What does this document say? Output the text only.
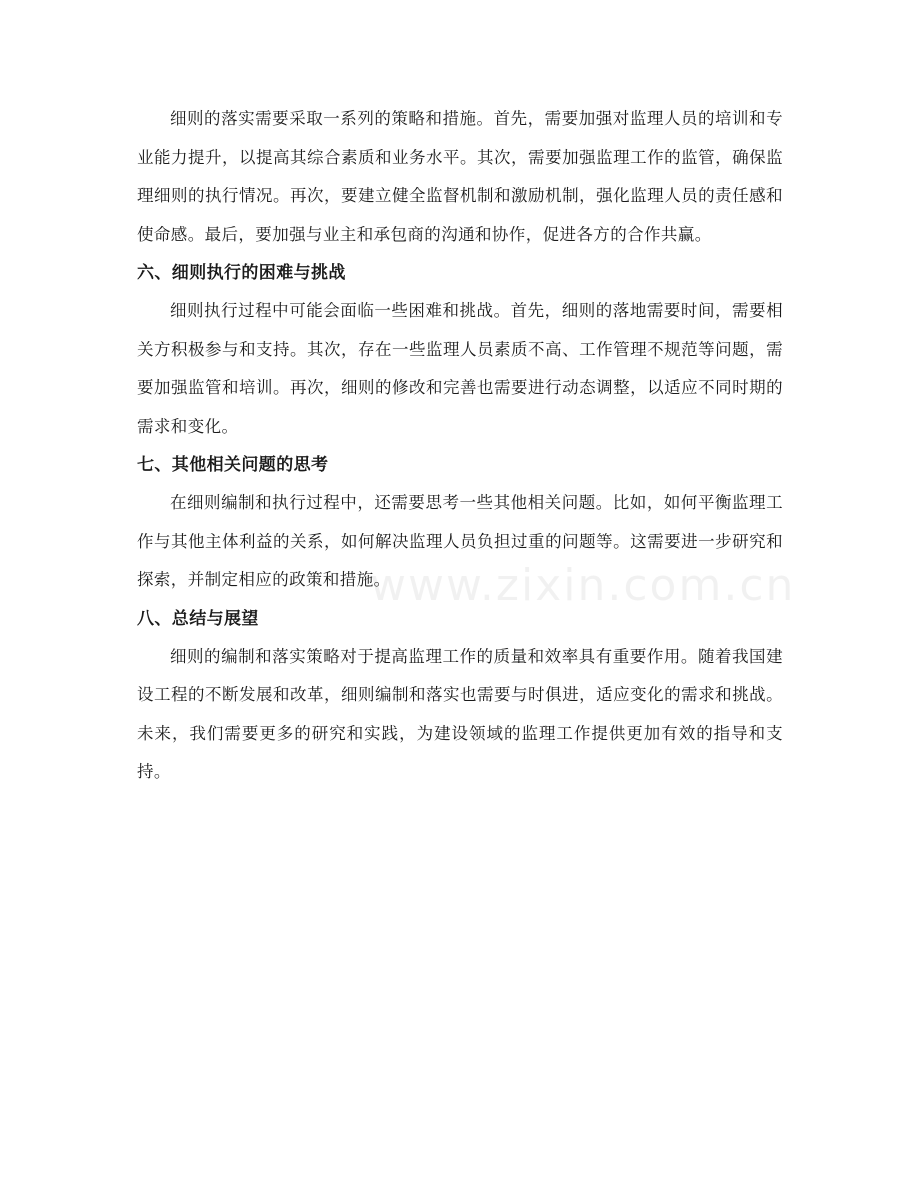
细则的落实需要采取一系列的策略和措施。首先，需要加强对监理人员的培训和专业能力提升，以提高其综合素质和业务水平。其次，需要加强监理工作的监管，确保监理细则的执行情况。再次，要建立健全监督机制和激励机制，强化监理人员的责任感和使命感。最后，要加强与业主和承包商的沟通和协作，促进各方的合作共赢。

六、细则执行的困难与挑战

细则执行过程中可能会面临一些困难和挑战。首先，细则的落地需要时间，需要相关方积极参与和支持。其次，存在一些监理人员素质不高、工作管理不规范等问题，需要加强监管和培训。再次，细则的修改和完善也需要进行动态调整，以适应不同时期的需求和变化。

七、其他相关问题的思考

在细则编制和执行过程中，还需要思考一些其他相关问题。比如，如何平衡监理工作与其他主体利益的关系，如何解决监理人员负担过重的问题等。这需要进一步研究和探索，并制定相应的政策和措施。

八、总结与展望

细则的编制和落实策略对于提高监理工作的质量和效率具有重要作用。随着我国建设工程的不断发展和改革，细则编制和落实也需要与时俱进，适应变化的需求和挑战。未来，我们需要更多的研究和实践，为建设领域的监理工作提供更加有效的指导和支持。

www.zixin.com.cn
